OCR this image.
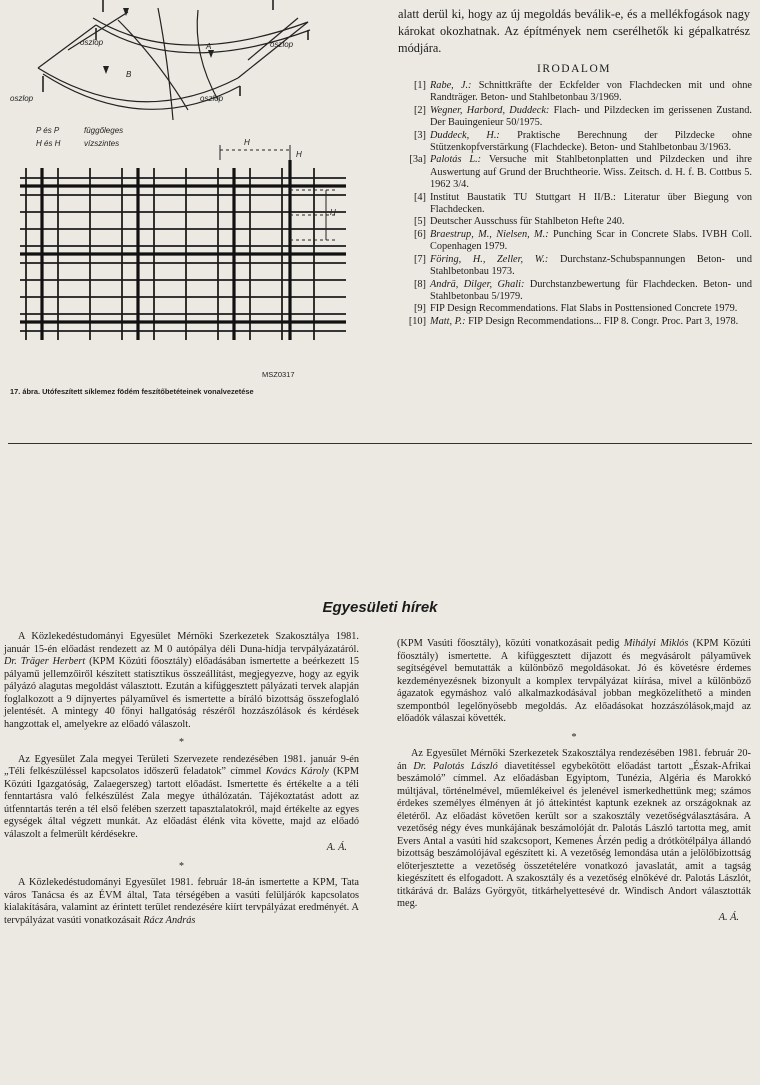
oszlop	oszlop
oszlop	oszlop
A
B
P és P	függőleges
H és H	vízszintes
H
H
H
MSZ0317
17. ábra. Utófeszített síklemez födém feszítőbetéteinek vonalvezetése
alatt derül ki, hogy az új megoldás beválik-e, és a mellékfogások nagy károkat okozhatnak. Az építmények nem cserélhetők ki gépalkatrész módjára.
IRODALOM
[1] Rabe, J.: Schnittkräfte der Eckfelder von Flachdecken mit und ohne Randträger. Beton- und Stahlbetonbau 3/1969.
[2] Wegner, Harbord, Duddeck: Flach- und Pilzdecken im gerissenen Zustand. Der Bauingenieur 50/1975.
[3] Duddeck, H.: Praktische Berechnung der Pilzdecke ohne Stützenkopfverstärkung (Flachdecke). Beton- und Stahlbetonbau 3/1963.
[3a] Palotás L.: Versuche mit Stahlbetonplatten und Pilzdecken und ihre Auswertung auf Grund der Bruchtheorie. Wiss. Zeitsch. d. H. f. B. Cottbus 5. 1962 3/4.
[4] Institut Baustatik TU Stuttgart H II/B.: Literatur über Biegung von Flachdecken.
[5] Deutscher Ausschuss für Stahlbeton Hefte 240.
[6] Braestrup, M., Nielsen, M.: Punching Scar in Concrete Slabs. IVBH Coll. Copenhagen 1979.
[7] Föring, H., Zeller, W.: Durchstanz-Schubspannungen Beton- und Stahlbetonbau 1973.
[8] Andrä, Dilger, Ghali: Durchstanzbewertung für Flachdecken. Beton- und Stahlbetonbau 5/1979.
[9] FIP Design Recommendations. Flat Slabs in Posttensioned Concrete 1979.
[10] Matt, P.: FIP Design Recommendations... FIP 8. Congr. Proc. Part 3, 1978.
Egyesületi hírek

A Közlekedéstudományi Egyesület Mérnöki Szerkezetek Szakosztálya 1981. január 15-én előadást rendezett az M 0 autópálya déli Duna-hídja tervpályázatáról. Dr. Träger Herbert (KPM Közúti főosztály) előadásában ismertette a beérkezett 15 pályamű jellemzőiről készített statisztikus összeállítást, megjegyezve, hogy az egyik pályázó alagutas megoldást választott. Ezután a kifüggesztett pályázati tervek alapján foglalkozott a 9 díjnyertes pályaművel és ismertette a bíráló bizottság összefoglaló jelentését. A mintegy 40 főnyi hallgatóság részéről hozzászólások és kérdések hangzottak el, amelyekre az előadó válaszolt.

*

Az Egyesület Zala megyei Területi Szervezete rendezésében 1981. január 9-én „Téli felkészüléssel kapcsolatos időszerű feladatok” címmel Kovács Károly (KPM Közúti Igazgatóság, Zalaegerszeg) tartott előadást. Ismertette és értékelte a a téli fenntartásra való felkészülést Zala megye úthálózatán. Tájékoztatást adott az útfenntartás terén a tél első felében szerzett tapasztalatokról, majd értékelte az egyes egységek által végzett munkát. Az előadást élénk vita követte, majd az előadó válaszolt a felmerült kérdésekre.

A. Á.
*

A Közlekedéstudományi Egyesület 1981. február 18-án ismertette a KPM, Tata város Tanácsa és az ÉVM által, Tata térségében a vasúti felüljárók kapcsolatos kialakítására, valamint az érintett terület rendezésére kiírt tervpályázat eredményét. A tervpályázat vasúti vonatkozásait Rácz András

(KPM Vasúti főosztály), közúti vonatkozásait pedig Mihályi Miklós (KPM Közúti főosztály) ismertette. A kifüggesztett díjazott és megvásárolt pályaművek segítségével bemutatták a különböző megoldásokat. Jó és követésre érdemes kezdeményezésnek bizonyult a komplex tervpályázat kiírása, mivel a különböző ágazatok egymáshoz való alkalmazkodásával jobban megközelíthető a minden szempontból legelőnyösebb megoldás. Az előadásokat hozzászólások,majd az előadók válaszai követték.

*

Az Egyesület Mérnöki Szerkezetek Szakosztálya rendezésében 1981. február 20-án Dr. Palotás László diavetítéssel egybekötött előadást tartott „Észak-Afrikai beszámoló” címmel. Az előadásban Egyiptom, Tunézia, Algéria és Marokkó múltjával, történelmével, műemlékeivel és jelenével ismerkedhettünk meg; számos érdekes személyes élményen át jó áttekintést kaptunk ezeknek az országoknak az életéről. Az előadást követően került sor a szakosztály vezetőségválasztására. A vezetőség négy éves munkájának beszámolóját dr. Palotás László tartotta meg, amit Evers Antal a vasúti híd szakcsoport, Kemenes Árzén pedig a drótkötélpálya állandó bizottság beszámolójával egészített ki. A vezetőség lemondása után a jelölőbizottság előterjesztette a vezetőség összetételére vonatkozó javaslatát, amit a tagság kiegészített és elfogadott. A szakosztály és a vezetőség elnökévé dr. Palotás Lászlót, titkárává dr. Balázs Györgyöt, titkárhelyettesévé dr. Windisch Andort választották meg.

A. Á.
